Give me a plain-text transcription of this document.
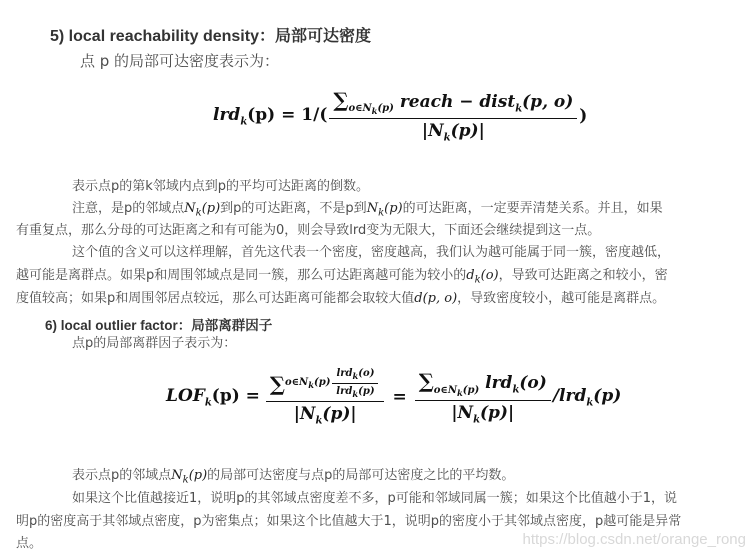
5) local reachability density：局部可达密度
点 p 的局部可达密度表示为：
$lrd_k(p) = 1/( \frac{\sum_{o\in N_k(p)} reach - dist_k(p, o)}{|N_k(p)|}$ )
表示点p的第k邻域内点到p的平均可达距离的倒数。
注意，是p的邻域点$N_k(p)$到p的可达距离，不是p到$N_k(p)$的可达距离，一定要弄清楚关系。并且，如果
有重复点，那么分母的可达距离之和有可能为0，则会导致lrd变为无限大，下面还会继续提到这一点。
这个值的含义可以这样理解，首先这代表一个密度，密度越高，我们认为越可能属于同一簇，密度越低，
越可能是离群点。如果p和周围邻域点是同一簇，那么可达距离越可能为较小的$d_k(o)$，导致可达距离之和较小，密
度值较高；如果p和周围邻居点较远，那么可达距离可能都会取较大值d(p, o)，导致密度较小，越可能是离群点。
6) local outlier factor：局部离群因子
点p的局部离群因子表示为：
$LOF_k(p) = \frac{\sum o\in N_k(p) \frac{lrd_k(o)}{lrd_k(p)}}{|N_k(p)|} = \frac{\sum_{o\in N_k(p)} lrd_k(o)}{|N_k(p)|} /lrd_k(p)$
表示点p的邻域点$N_k(p)$的局部可达密度与点p的局部可达密度之比的平均数。
如果这个比值越接近1，说明p的其邻域点密度差不多，p可能和邻域同属一簇；如果这个比值越小于1，说
明p的密度高于其邻域点密度，p为密集点；如果这个比值越大于1，说明p的密度小于其邻域点密度，p越可能是异常
点。	https://blog.csdn.net/orange_rong
